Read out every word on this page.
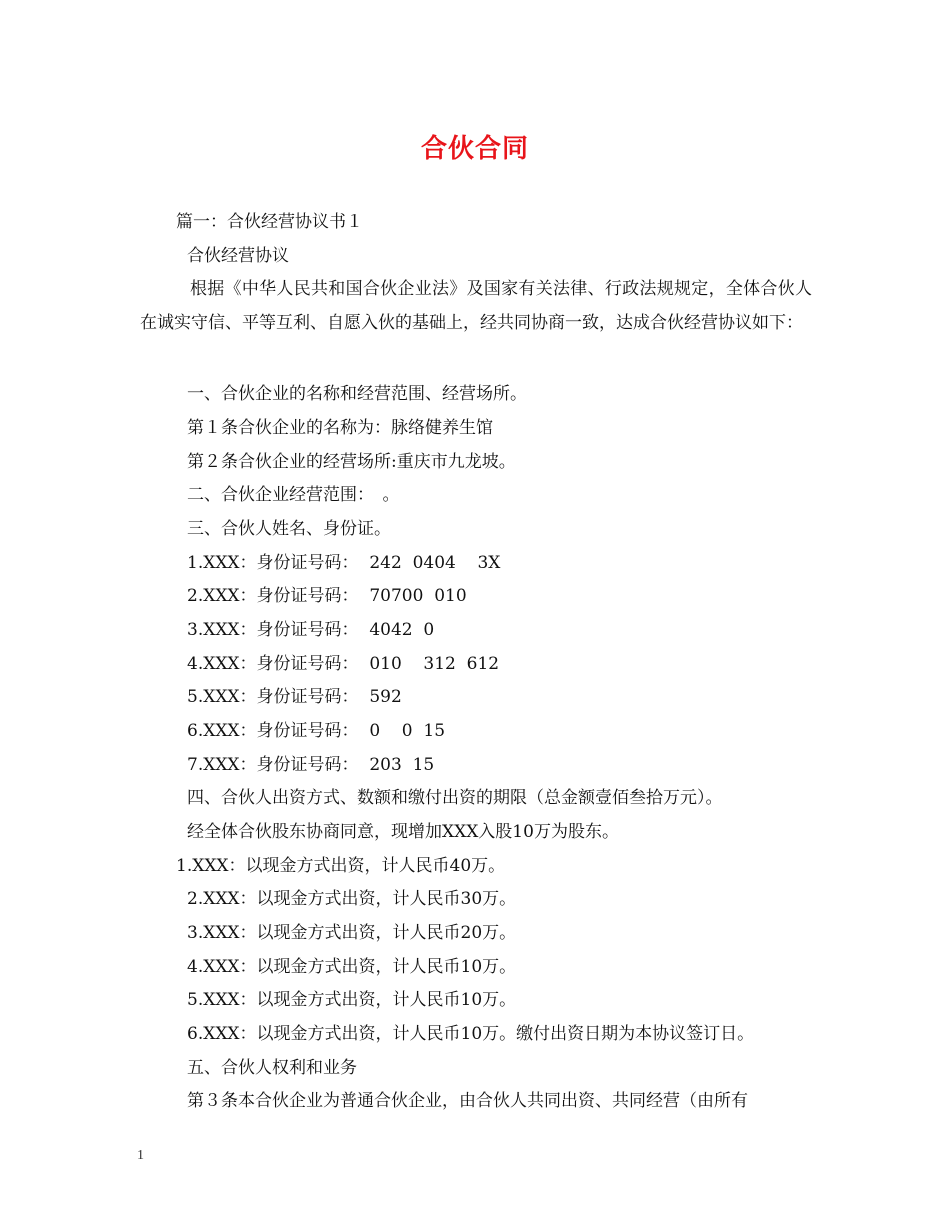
合伙合同
篇一：合伙经营协议书１
合伙经营协议
根据《中华人民共和国合伙企业法》及国家有关法律、行政法规规定，全体合伙人在诚实守信、平等互利、自愿入伙的基础上，经共同协商一致，达成合伙经营协议如下：
一、合伙企业的名称和经营范围、经营场所。
第１条合伙企业的名称为：脉络健养生馆
第２条合伙企业的经营场所:重庆市九龙坡。
二、合伙企业经营范围：　。
三、合伙人姓名、身份证。
1.XXX：身份证号码：  242  0404    3X
2.XXX：身份证号码：  70700  010
3.XXX：身份证号码：  4042  0
4.XXX：身份证号码：  010    312  612
5.XXX：身份证号码：  592
6.XXX：身份证号码：  0    0  15
7.XXX：身份证号码：  203  15
四、合伙人出资方式、数额和缴付出资的期限（总金额壹佰叁拾万元）。
经全体合伙股东协商同意，现增加XXX入股10万为股东。
1.XXX：以现金方式出资，计人民币40万。
2.XXX：以现金方式出资，计人民币30万。
3.XXX：以现金方式出资，计人民币20万。
4.XXX：以现金方式出资，计人民币10万。
5.XXX：以现金方式出资，计人民币10万。
6.XXX：以现金方式出资，计人民币10万。缴付出资日期为本协议签订日。
五、合伙人权利和业务
第３条本合伙企业为普通合伙企业，由合伙人共同出资、共同经营（由所有
1
